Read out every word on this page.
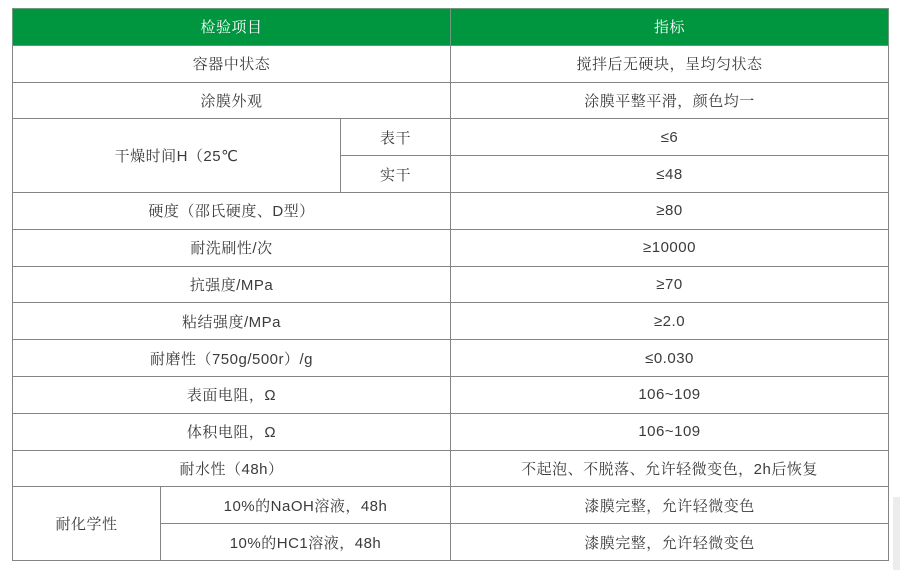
检验项目			指标
容器中状态			搅拌后无硬块，呈均匀状态
涂膜外观			涂膜平整平滑，颜色均一
干燥时间H（25℃		表干	≤6
		实干	≤48
硬度（邵氏硬度、D型）			≥80
耐洗刷性/次			≥10000
抗强度/MPa			≥70
粘结强度/MPa			≥2.0
耐磨性（750g/500r）/g			≤0.030
表面电阻，Ω			106~109
体积电阻，Ω			106~109
耐水性（48h）			不起泡、不脱落、允许轻微变色，2h后恢复
耐化学性	10%的NaOH溶液，48h		漆膜完整，允许轻微变色
	10%的HC1溶液，48h		漆膜完整，允许轻微变色
